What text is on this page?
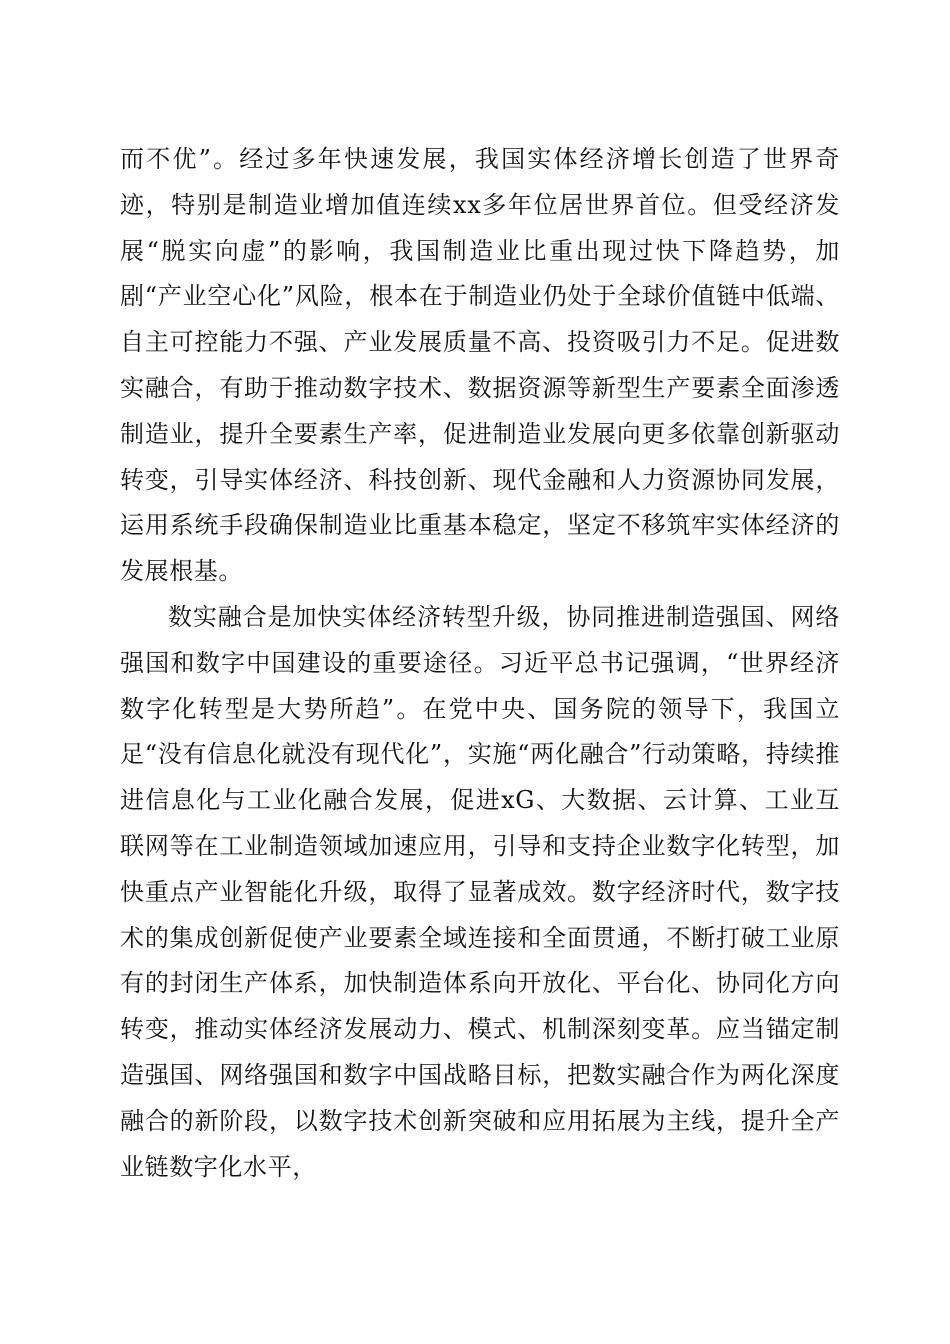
而不优”。经过多年快速发展，我国实体经济增长创造了世界奇迹，特别是制造业增加值连续xx多年位居世界首位。但受经济发展“脱实向虚”的影响，我国制造业比重出现过快下降趋势，加剧“产业空心化”风险，根本在于制造业仍处于全球价值链中低端、自主可控能力不强、产业发展质量不高、投资吸引力不足。促进数实融合，有助于推动数字技术、数据资源等新型生产要素全面渗透制造业，提升全要素生产率，促进制造业发展向更多依靠创新驱动转变，引导实体经济、科技创新、现代金融和人力资源协同发展，运用系统手段确保制造业比重基本稳定，坚定不移筑牢实体经济的发展根基。

数实融合是加快实体经济转型升级，协同推进制造强国、网络强国和数字中国建设的重要途径。习近平总书记强调，“世界经济数字化转型是大势所趋”。在党中央、国务院的领导下，我国立足“没有信息化就没有现代化”，实施“两化融合”行动策略，持续推进信息化与工业化融合发展，促进xG、大数据、云计算、工业互联网等在工业制造领域加速应用，引导和支持企业数字化转型，加快重点产业智能化升级，取得了显著成效。数字经济时代，数字技术的集成创新促使产业要素全域连接和全面贯通，不断打破工业原有的封闭生产体系，加快制造体系向开放化、平台化、协同化方向转变，推动实体经济发展动力、模式、机制深刻变革。应当锚定制造强国、网络强国和数字中国战略目标，把数实融合作为两化深度融合的新阶段，以数字技术创新突破和应用拓展为主线，提升全产业链数字化水平，
